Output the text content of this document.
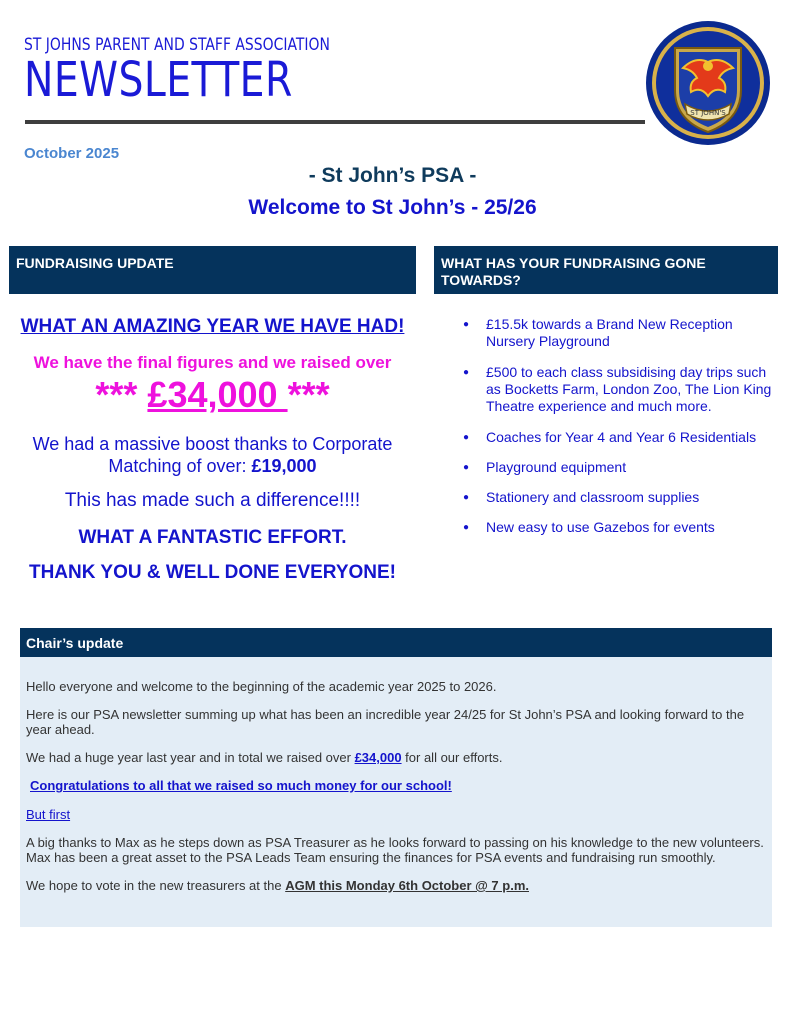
ST JOHNS PARENT AND STAFF ASSOCIATION
NEWSLETTER
ST JOHN'S
October 2025
- St John’s PSA -
Welcome to St John’s - 25/26
FUNDRAISING UPDATE	WHAT HAS YOUR FUNDRAISING GONE TOWARDS?
WHAT AN AMAZING YEAR WE HAVE HAD!
We have the final figures and we raised over
*** £34,000 ***
We had a massive boost thanks to Corporate Matching of over: £19,000
This has made such a difference!!!!
WHAT A FANTASTIC EFFORT.
THANK YOU & WELL DONE EVERYONE!
● £15.5k towards a Brand New Reception Nursery Playground
● £500 to each class subsidising day trips such as Bocketts Farm, London Zoo, The Lion King Theatre experience and much more.
● Coaches for Year 4 and Year 6 Residentials
● Playground equipment
● Stationery and classroom supplies
● New easy to use Gazebos for events
Chair’s update
Hello everyone and welcome to the beginning of the academic year 2025 to 2026.
Here is our PSA newsletter summing up what has been an incredible year 24/25 for St John’s PSA and looking forward to the year ahead.
We had a huge year last year and in total we raised over £34,000 for all our efforts.
Congratulations to all that we raised so much money for our school!
But first
A big thanks to Max as he steps down as PSA Treasurer as he looks forward to passing on his knowledge to the new volunteers. Max has been a great asset to the PSA Leads Team ensuring the finances for PSA events and fundraising run smoothly.
We hope to vote in the new treasurers at the AGM this Monday 6th October @ 7 p.m.
